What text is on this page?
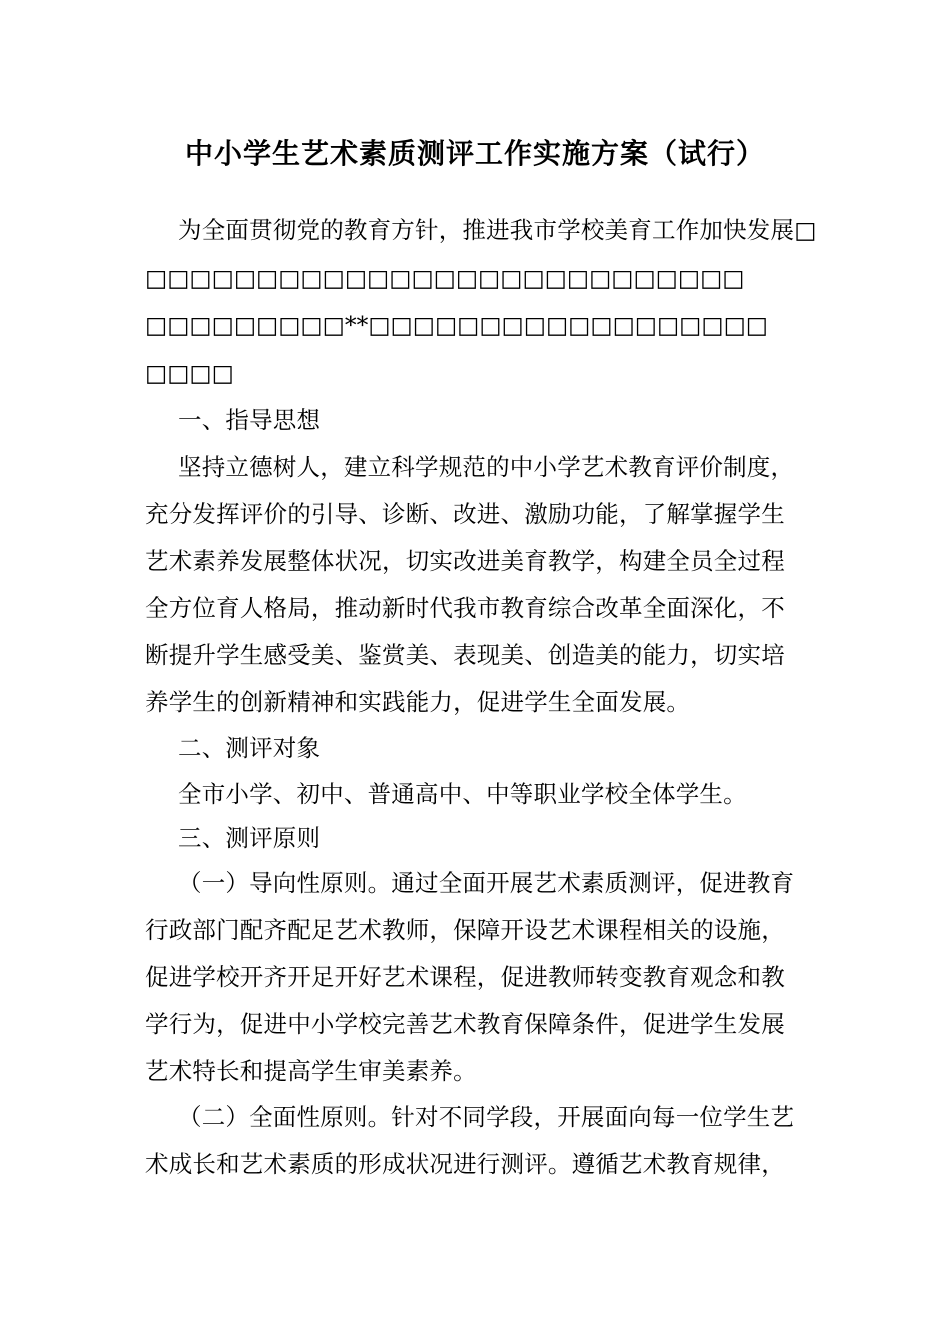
中小学生艺术素质测评工作实施方案（试行）
为全面贯彻党的教育方针，推进我市学校美育工作加快发展□
□□□□□□□□□□□□□□□□□□□□□□□□□□□
□□□□□□□□□**□□□□□□□□□□□□□□□□□□
□□□□
一、指导思想
坚持立德树人，建立科学规范的中小学艺术教育评价制度，
充分发挥评价的引导、诊断、改进、激励功能，了解掌握学生
艺术素养发展整体状况，切实改进美育教学，构建全员全过程
全方位育人格局，推动新时代我市教育综合改革全面深化，不
断提升学生感受美、鉴赏美、表现美、创造美的能力，切实培
养学生的创新精神和实践能力，促进学生全面发展。
二、测评对象
全市小学、初中、普通高中、中等职业学校全体学生。
三、测评原则
（一）导向性原则。通过全面开展艺术素质测评，促进教育
行政部门配齐配足艺术教师，保障开设艺术课程相关的设施，
促进学校开齐开足开好艺术课程，促进教师转变教育观念和教
学行为，促进中小学校完善艺术教育保障条件，促进学生发展
艺术特长和提高学生审美素养。
（二）全面性原则。针对不同学段，开展面向每一位学生艺
术成长和艺术素质的形成状况进行测评。遵循艺术教育规律，
